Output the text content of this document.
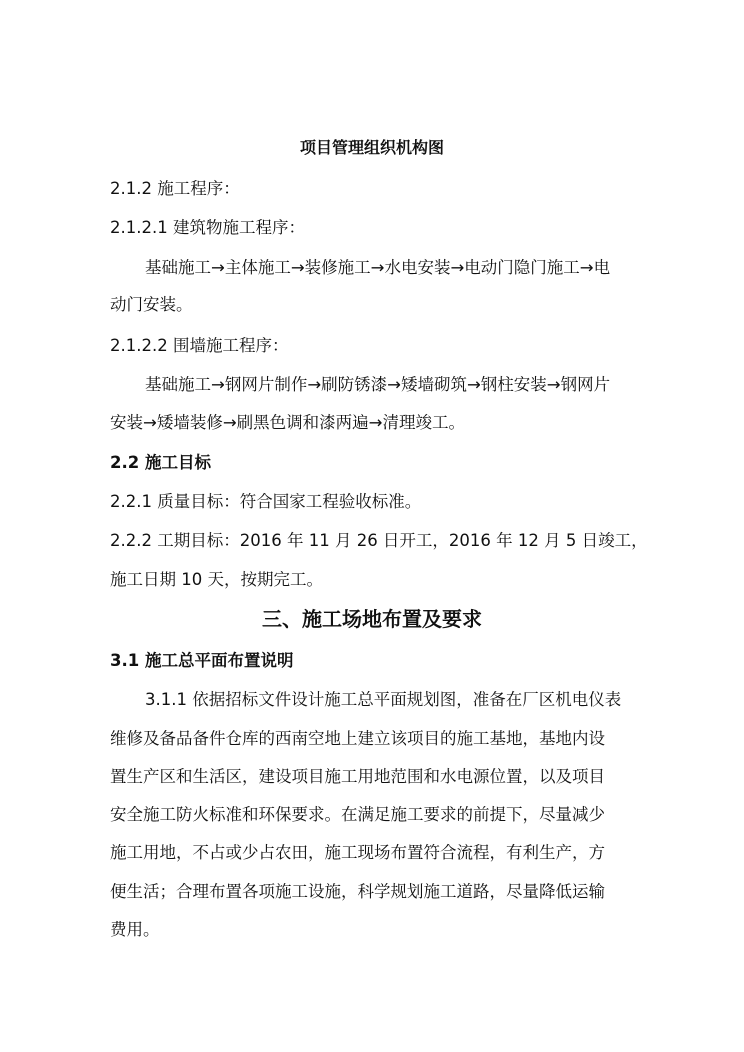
项目管理组织机构图
2.1.2 施工程序：
2.1.2.1 建筑物施工程序：
基础施工→主体施工→装修施工→水电安装→电动门隐门施工→电
动门安装。
2.1.2.2 围墙施工程序：
基础施工→钢网片制作→刷防锈漆→矮墙砌筑→钢柱安装→钢网片
安装→矮墙装修→刷黑色调和漆两遍→清理竣工。
2.2 施工目标
2.2.1 质量目标：符合国家工程验收标准。
2.2.2 工期目标：2016 年 11 月 26 日开工，2016 年 12 月 5 日竣工，
施工日期 10 天，按期完工。
三、施工场地布置及要求
3.1 施工总平面布置说明
3.1.1 依据招标文件设计施工总平面规划图，准备在厂区机电仪表
维修及备品备件仓库的西南空地上建立该项目的施工基地，基地内设
置生产区和生活区，建设项目施工用地范围和水电源位置，以及项目
安全施工防火标准和环保要求。在满足施工要求的前提下，尽量减少
施工用地，不占或少占农田，施工现场布置符合流程，有利生产，方
便生活；合理布置各项施工设施，科学规划施工道路，尽量降低运输
费用。
